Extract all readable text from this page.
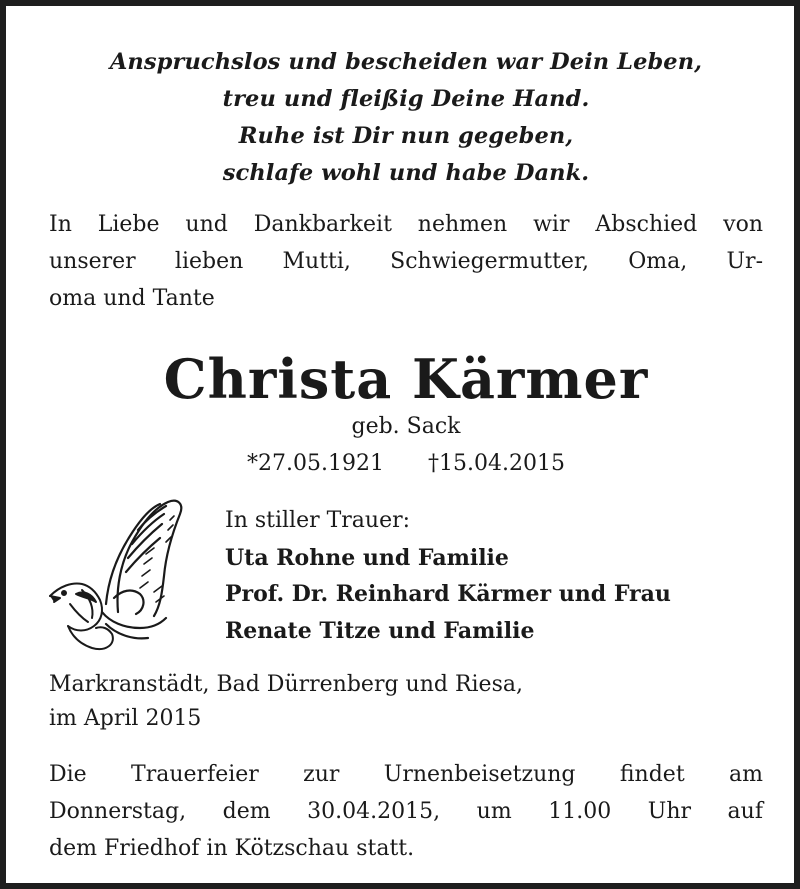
Anspruchslos und bescheiden war Dein Leben,
treu und fleißig Deine Hand.
Ruhe ist Dir nun gegeben,
schlafe wohl und habe Dank.
In Liebe und Dankbarkeit nehmen wir Abschied von
unserer lieben Mutti, Schwiegermutter, Oma, Ur-
oma und Tante
Christa Kärmer
geb. Sack
*27.05.1921 †15.04.2015
In stiller Trauer:
Uta Rohne und Familie
Prof. Dr. Reinhard Kärmer und Frau
Renate Titze und Familie
Markranstädt, Bad Dürrenberg und Riesa,
im April 2015
Die Trauerfeier zur Urnenbeisetzung findet am
Donnerstag, dem 30.04.2015, um 11.00 Uhr auf
dem Friedhof in Kötzschau statt.
